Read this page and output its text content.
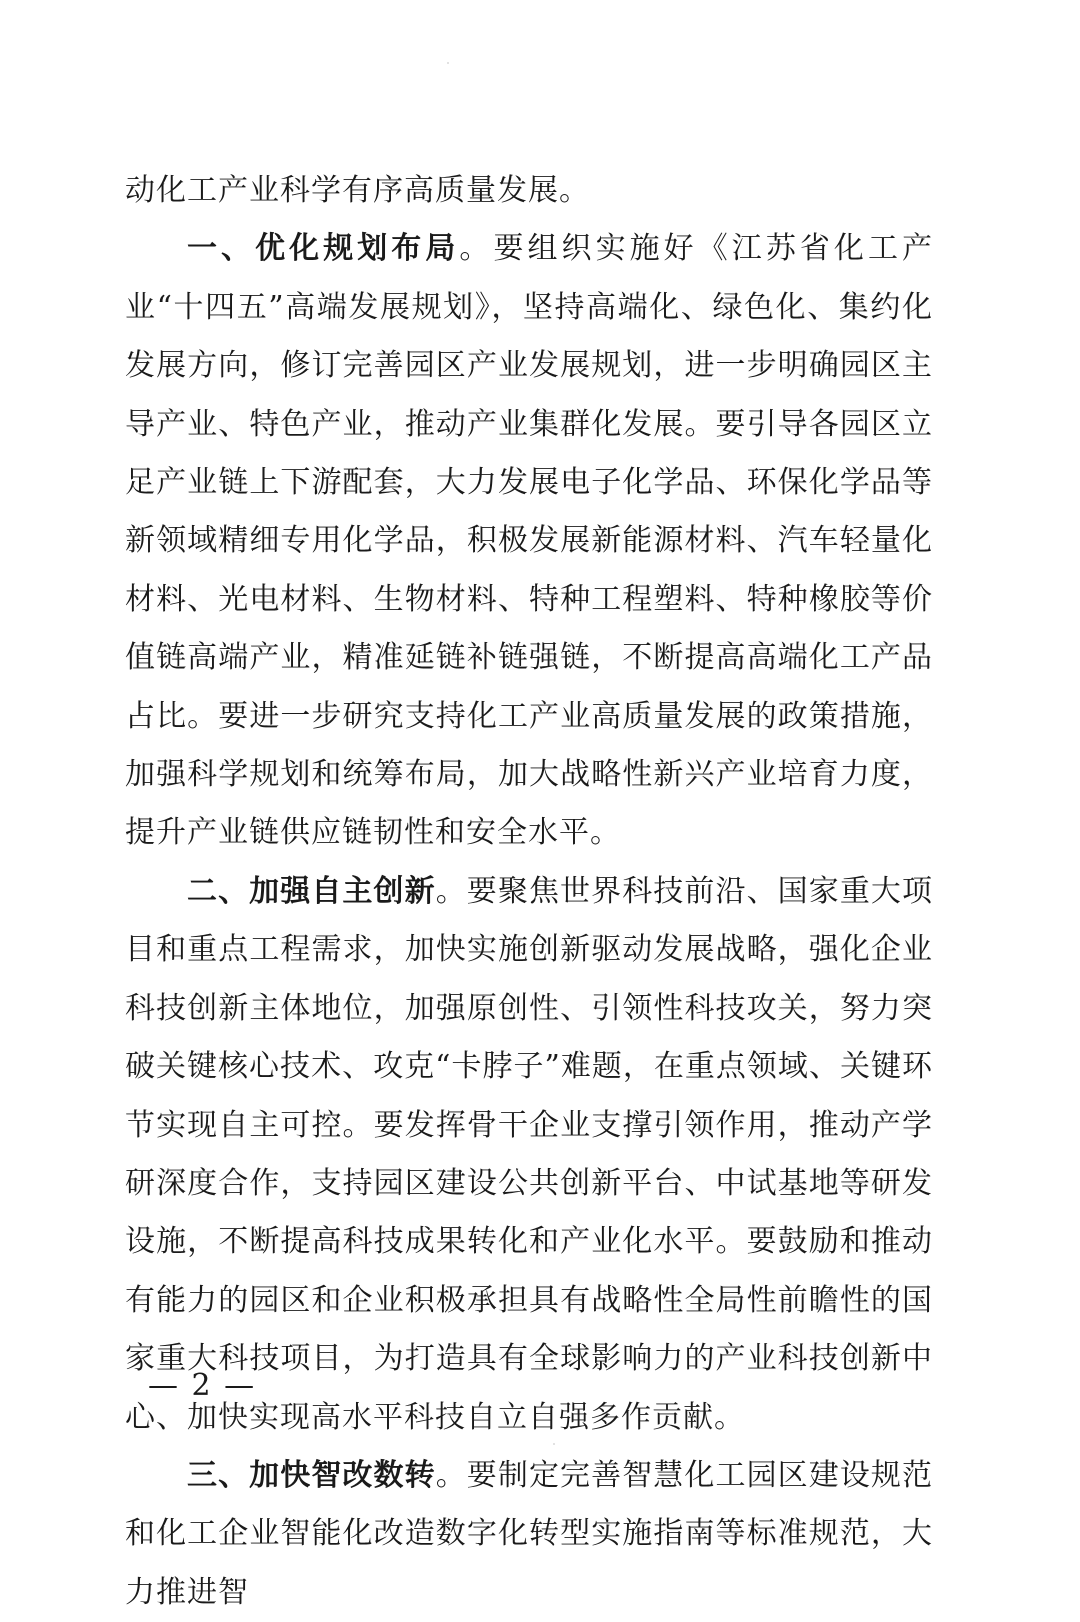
动化工产业科学有序高质量发展。

一、优化规划布局。要组织实施好《江苏省化工产业“十四五”高端发展规划》，坚持高端化、绿色化、集约化发展方向，修订完善园区产业发展规划，进一步明确园区主导产业、特色产业，推动产业集群化发展。要引导各园区立足产业链上下游配套，大力发展电子化学品、环保化学品等新领域精细专用化学品，积极发展新能源材料、汽车轻量化材料、光电材料、生物材料、特种工程塑料、特种橡胶等价值链高端产业，精准延链补链强链，不断提高高端化工产品占比。要进一步研究支持化工产业高质量发展的政策措施，加强科学规划和统筹布局，加大战略性新兴产业培育力度，提升产业链供应链韧性和安全水平。

二、加强自主创新。要聚焦世界科技前沿、国家重大项目和重点工程需求，加快实施创新驱动发展战略，强化企业科技创新主体地位，加强原创性、引领性科技攻关，努力突破关键核心技术、攻克“卡脖子”难题，在重点领域、关键环节实现自主可控。要发挥骨干企业支撑引领作用，推动产学研深度合作，支持园区建设公共创新平台、中试基地等研发设施，不断提高科技成果转化和产业化水平。要鼓励和推动有能力的园区和企业积极承担具有战略性全局性前瞻性的国家重大科技项目，为打造具有全球影响力的产业科技创新中心、加快实现高水平科技自立自强多作贡献。

三、加快智改数转。要制定完善智慧化工园区建设规范和化工企业智能化改造数字化转型实施指南等标准规范，大力推进智

— 2 —
